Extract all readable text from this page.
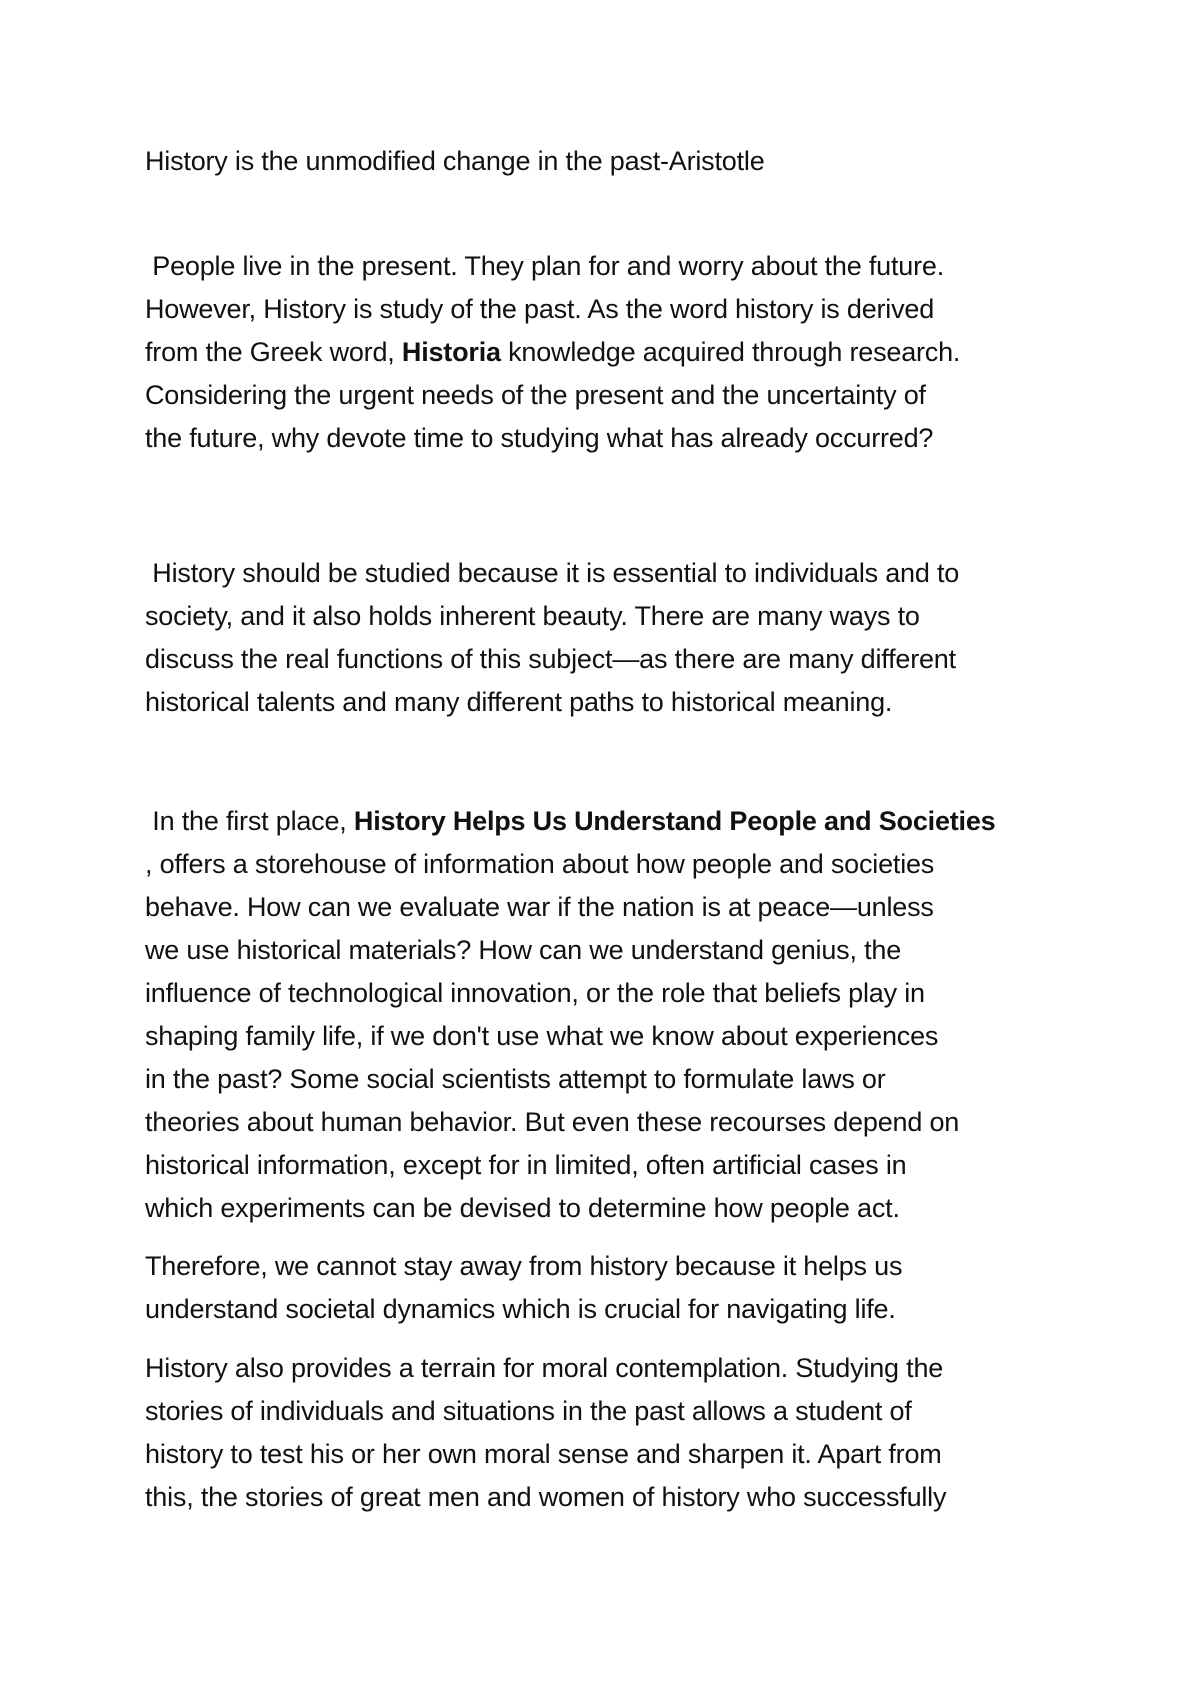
History is the unmodified change in the past-Aristotle

People live in the present. They plan for and worry about the future.
However, History is study of the past. As the word history is derived
from the Greek word, Historia knowledge acquired through research.
Considering the urgent needs of the present and the uncertainty of
the future, why devote time to studying what has already occurred?

History should be studied because it is essential to individuals and to
society, and it also holds inherent beauty. There are many ways to
discuss the real functions of this subject—as there are many different
historical talents and many different paths to historical meaning.

In the first place, History Helps Us Understand People and Societies
, offers a storehouse of information about how people and societies
behave. How can we evaluate war if the nation is at peace—unless
we use historical materials? How can we understand genius, the
influence of technological innovation, or the role that beliefs play in
shaping family life, if we don't use what we know about experiences
in the past? Some social scientists attempt to formulate laws or
theories about human behavior. But even these recourses depend on
historical information, except for in limited, often artificial cases in
which experiments can be devised to determine how people act.

Therefore, we cannot stay away from history because it helps us
understand societal dynamics which is crucial for navigating life.

History also provides a terrain for moral contemplation. Studying the
stories of individuals and situations in the past allows a student of
history to test his or her own moral sense and sharpen it. Apart from
this, the stories of great men and women of history who successfully
